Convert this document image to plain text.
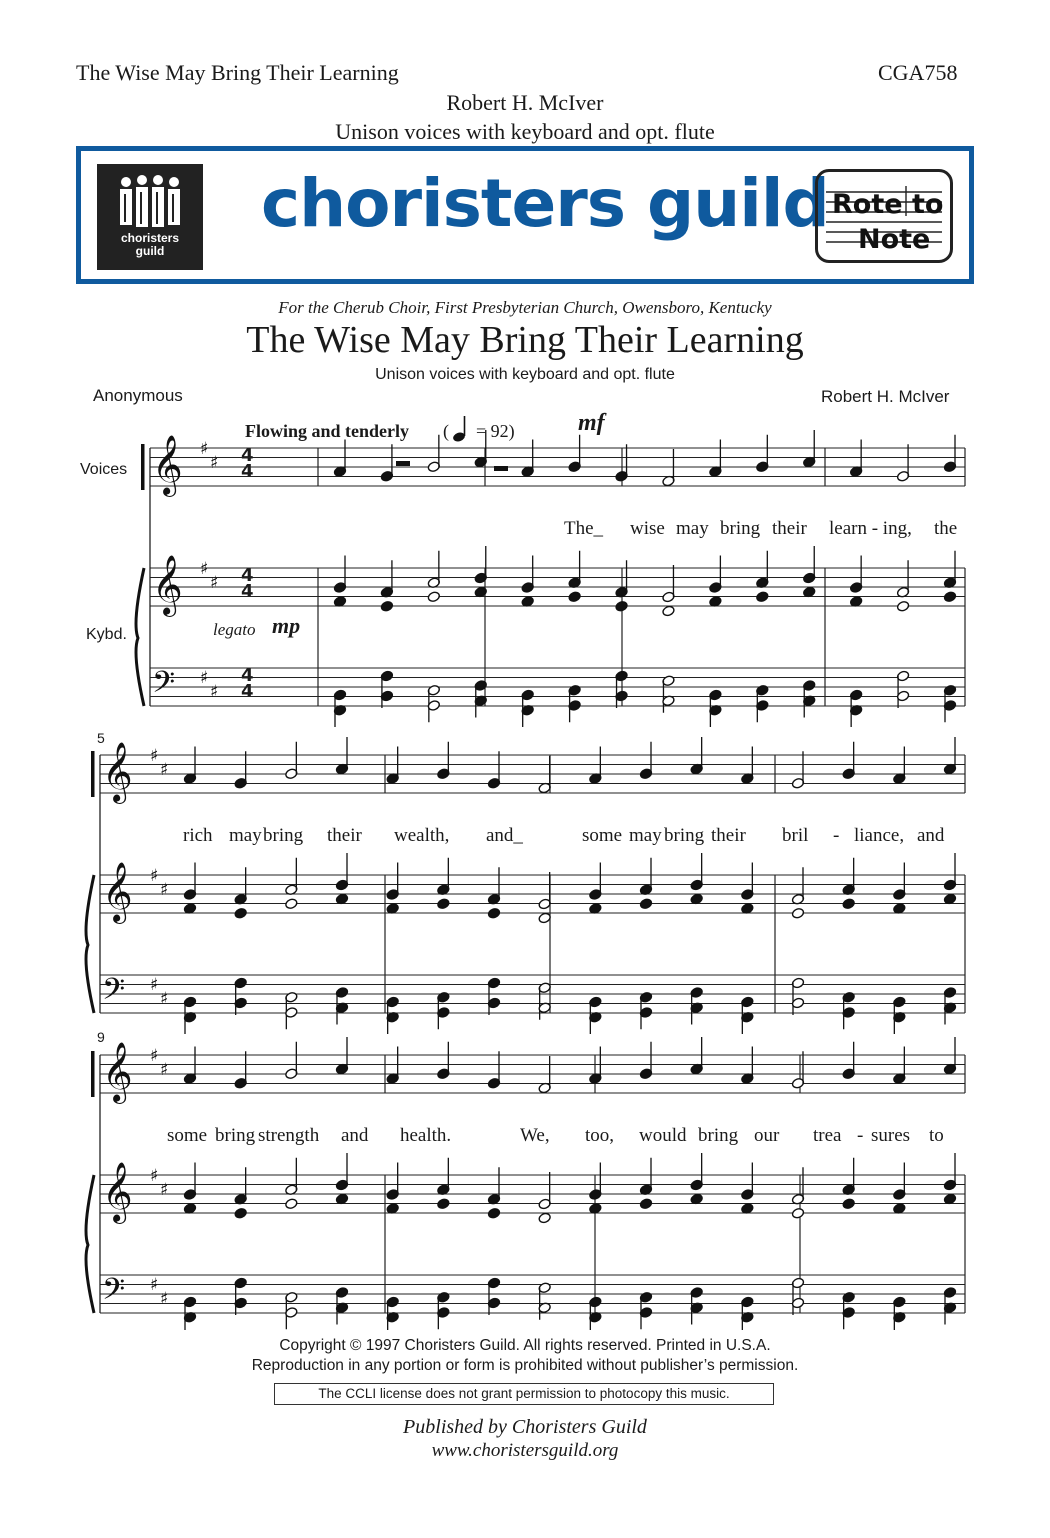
The Wise May Bring Their Learning	CGA758
Robert H. McIver
Unison voices with keyboard and opt. flute
choristers
guild
choristers guild Rote to
Note
For the Cherub Choir, First Presbyterian Church, Owensboro, Kentucky
The Wise May Bring Their Learning
Unison voices with keyboard and opt. flute
Anonymous	Robert H. McIver
Flowing and tenderly ( = 92)	mf
Voices
Kybd.	legato mp
4
4
4
4
4
4
5
9
𝄞
𝄞
𝄢
♯
♯
♯
♯
♯
♯
𝄞
𝄞
𝄢
♯
♯
♯
♯
♯
♯
𝄞
𝄞
𝄢
♯
♯
♯
♯
♯
♯
The_ wise may bring their learn - ing, the
rich may bring their wealth, and_	some may bring their bril - liance, and
some bring strength and health.	We, too, would bring our trea - sures to
Copyright © 1997 Choristers Guild. All rights reserved. Printed in U.S.A.
Reproduction in any portion or form is prohibited without publisher’s permission.
The CCLI license does not grant permission to photocopy this music.
Published by Choristers Guild
www.choristersguild.org
